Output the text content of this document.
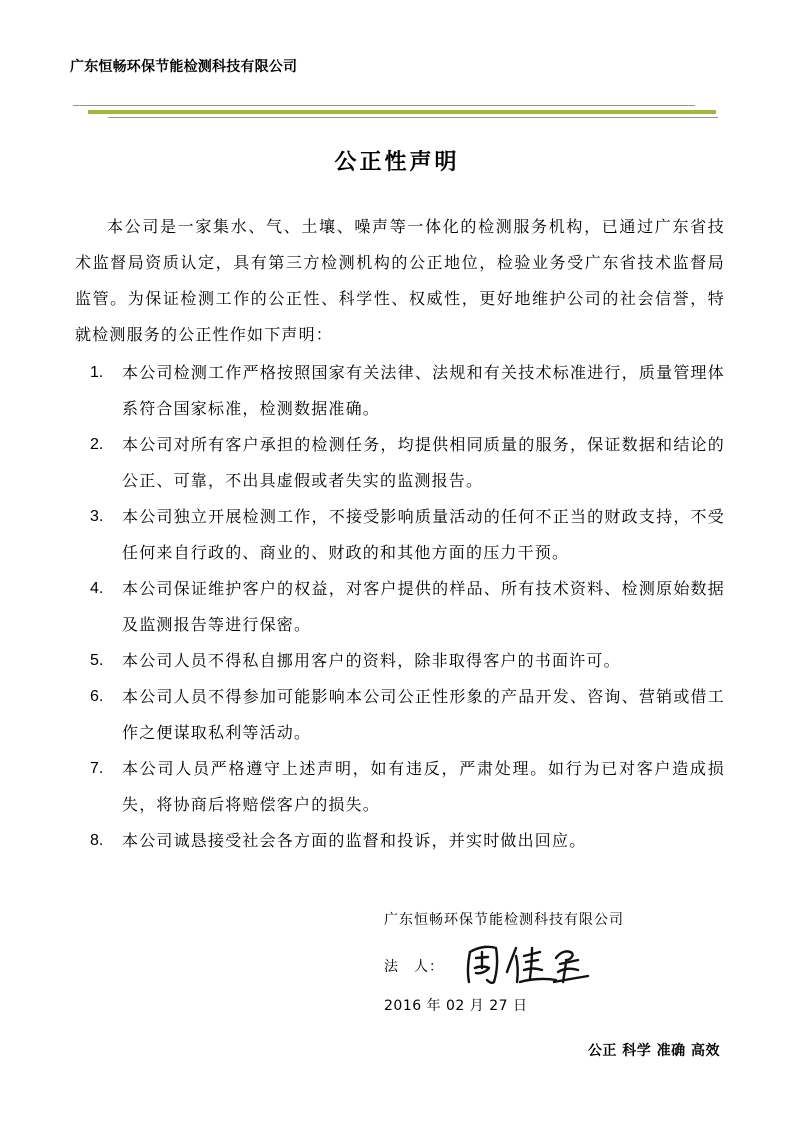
广东恒畅环保节能检测科技有限公司
公正性声明

本公司是一家集水、气、土壤、噪声等一体化的检测服务机构，已通过广东省技术监督局资质认定，具有第三方检测机构的公正地位，检验业务受广东省技术监督局监管。为保证检测工作的公正性、科学性、权威性，更好地维护公司的社会信誉，特就检测服务的公正性作如下声明：

1. 本公司检测工作严格按照国家有关法律、法规和有关技术标准进行，质量管理体系符合国家标准，检测数据准确。
2. 本公司对所有客户承担的检测任务，均提供相同质量的服务，保证数据和结论的公正、可靠，不出具虚假或者失实的监测报告。
3. 本公司独立开展检测工作，不接受影响质量活动的任何不正当的财政支持，不受任何来自行政的、商业的、财政的和其他方面的压力干预。
4. 本公司保证维护客户的权益，对客户提供的样品、所有技术资料、检测原始数据及监测报告等进行保密。
5. 本公司人员不得私自挪用客户的资料，除非取得客户的书面许可。
6. 本公司人员不得参加可能影响本公司公正性形象的产品开发、咨询、营销或借工作之便谋取私利等活动。
7. 本公司人员严格遵守上述声明，如有违反，严肃处理。如行为已对客户造成损失，将协商后将赔偿客户的损失。
8. 本公司诚恳接受社会各方面的监督和投诉，并实时做出回应。
广东恒畅环保节能检测科技有限公司
法　人：
2016 年 02 月 27 日
公正 科学 准确 高效
